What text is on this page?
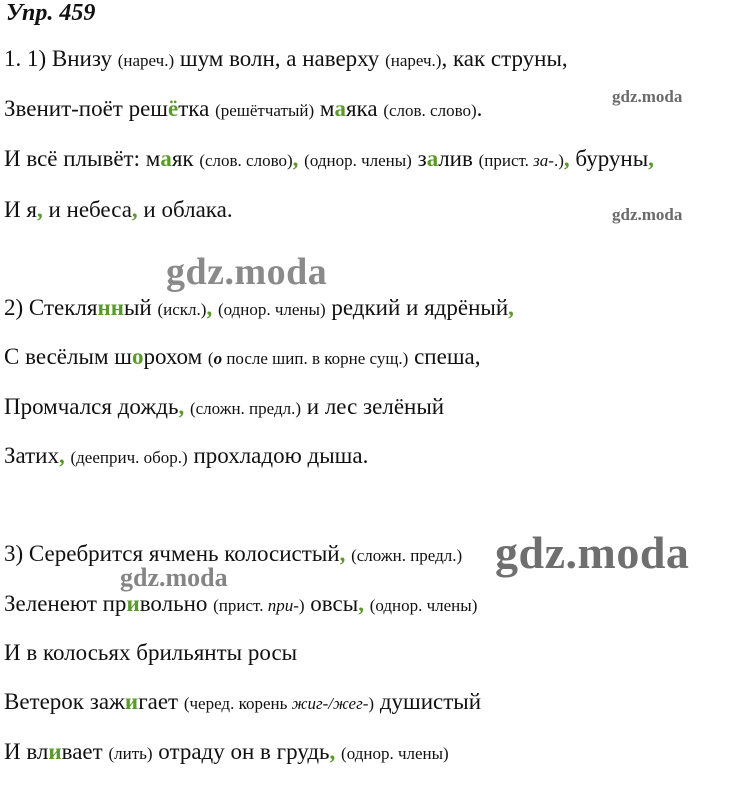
Упр. 459
1. 1) Внизу (нареч.) шум волн, а наверху (нареч.), как струны,
Звенит-поёт решётка (решётчатый) маяка (слов. слово).
И всё плывёт: маяк (слов. слово), (однор. члены) залив (прист. за-.), буруны,
И я, и небеса, и облака.
2) Стеклянный (искл.), (однор. члены) редкий и ядрёный,
С весёлым шорохом (о после шип. в корне сущ.) спеша,
Промчался дождь, (сложн. предл.) и лес зелёный
Затих, (дееприч. обор.) прохладою дыша.
3) Серебрится ячмень колосистый, (сложн. предл.)
Зеленеют привольно (прист. при-) овсы, (однор. члены)
И в колосьях брильянты росы
Ветерок зажигает (черед. корень жиг-/жег-) душистый
И вливает (лить) отраду он в грудь, (однор. члены)
gdz.moda
gdz.moda
gdz.moda
gdz.moda
gdz.moda
